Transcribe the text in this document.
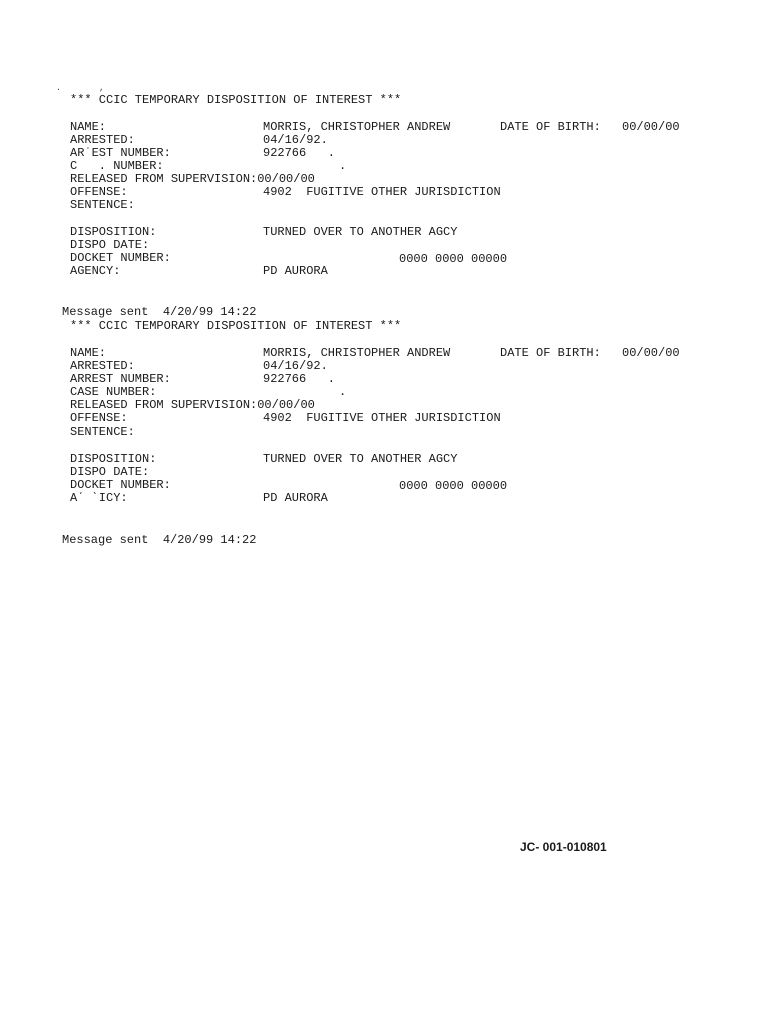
.        ,
*** CCIC TEMPORARY DISPOSITION OF INTEREST ***
NAME:	MORRIS, CHRISTOPHER ANDREW	DATE OF BIRTH: 00/00/00
ARRESTED:	04/16/92.
ARˈEST NUMBER:	922766   .
C   . NUMBER:	.
RELEASED FROM SUPERVISION:00/00/00
OFFENSE:	4902  FUGITIVE OTHER JURISDICTION
SENTENCE:
DISPOSITION:	TURNED OVER TO ANOTHER AGCY
DISPO DATE:
DOCKET NUMBER:	0000 0000 00000
AGENCY:	PD AURORA
Message sent  4/20/99 14:22
*** CCIC TEMPORARY DISPOSITION OF INTEREST ***
NAME:	MORRIS, CHRISTOPHER ANDREW	DATE OF BIRTH: 00/00/00
ARRESTED:	04/16/92.
ARREST NUMBER:	922766   .
CASE NUMBER:	.
RELEASED FROM SUPERVISION:00/00/00
OFFENSE:	4902  FUGITIVE OTHER JURISDICTION
SENTENCE:
DISPOSITION:	TURNED OVER TO ANOTHER AGCY
DISPO DATE:
DOCKET NUMBER:	0000 0000 00000
Aˊ ˋICY:	PD AURORA
Message sent  4/20/99 14:22
JC- 001-010801
